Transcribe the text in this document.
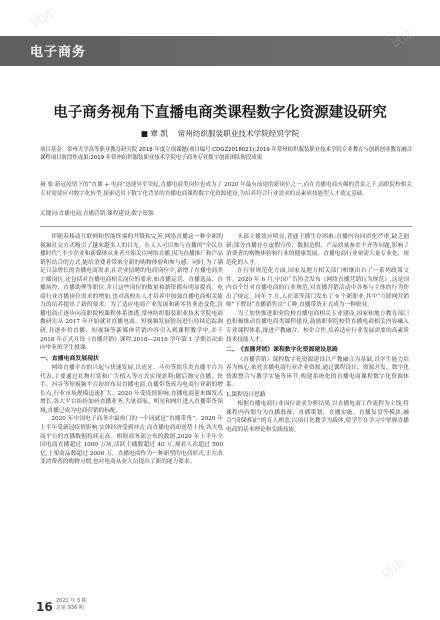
电子商务
电子商务视角下直播电商类课程数字化资源建设研究
■ 覃 凯 常州纺织服装职业技术学院经贸学院
项目基金：常州大学高等职业教育研究院 2018 年度立项课题(项目编号:CDGZ2018021);2019 年常州纺织服装职业技术学院专业教育与创新创业教育融合课程项目阶段性成果;2019 年常州纺织服装职业技术学院电子商务专业数字创新团队阶段成果
摘 要:新冠疫情下的“直播 + 电商”迅速异军突起,直播电商类岗位也成为了 2020 年最有前途的新岗位之一,而在直播电商火爆的背景之下,高职院校相关专业需要应对数字化转型,探索适用于数字化背景的直播电商课程数字化资源建设,为培养符合行业需求的高素质技能型人才奠定基础。
关键词:直播电商;直播营销;课程建设;数字资源

伴随着移动互联网和智能终端的升级和完善,网络直播这一种全新的视频社交方式吸引了越来越多人的目光。在人人可以参与直播的“全民直播时代”,不少企业和新媒体从业者开始关注网络直播,因为直播推广和产品销售结合的方式,能给消费者带来全新的购物体验和参与感。同时,为了满足日益增长的直播电商需求,在企业招聘的电商岗位中,新增了直播电商类主播岗位,还包括对直播电商相关岗位的要求,如直播运营、直播选品、直播场控、直播助理等职位,并且这些岗位的数量和薪资都有明显提高。电商行业直播岗位需求的增加,也对高校在人才培养中加强直播电商相关能力的培养提出了新的要求。为了适应电商产业发展和新零售业态变化,直播电商正逐步向高职院校课程体系渗透,常州纺织服装职业技术学院电商教研室从 2017 年开始就对直播电商、短视频发展情况进行持续追踪调研,并逐步将直播、短视频等新媒体营销内容引入到课程教学中,并于 2018 年正式开设《直播营销》课程,2018—2019 学年第 1 学期首次面向毕业班学生授课。

一、直播电商发展现状

网络直播平台的兴起与快速发展,以虎牙、斗鱼等娱乐类直播平台为代表,主要通过礼物打赏和广告植入等方式实现盈利;随后淘宝直播、快手、抖音等短视频平台纷纷布局直播电商,直播带货成为电商行业新的增长点,行业市场规模迅速扩大。2020 年受疫情影响,直播电商迎来爆发式增长,各大平台纷纷加码直播业务,大量商家、明星和网红进入直播带货领域,直播已成为电商营销的标配。

2020 年中国电子商务中最热门的一个词就是“直播带货”。2020 年上半年受新冠疫情影响,实体经济受到冲击,而直播电商却逆势上扬,各大电商平台的直播数据持续走高。根据商务部公布的数据,2020 年上半年全国电商直播超过 1000 万场,活跃主播数超过 40 万,观看人次超过 500 亿,上架商品数超过 2000 万。直播电商作为一种新型的电商形式,正在改变消费者的购物习惯,也对电商从业人员提出了新的能力要求。

头部主播效应明显,普通主播生存困难;直播内容同质化严重,缺乏创新;部分直播存在虚假宣传、数据造假、产品质量参差不齐等问题,影响了消费者的购物体验和行业的健康发展。直播电商行业亟需大量专业化、规范化的人才。

在行业规范化方面,国家及地方相关部门相继出台了一系列政策文件。2020 年 6 月,中国广告协会发布《网络直播营销行为规范》,这是国内首个针对直播电商的行业规范,对直播营销活动中各参与主体的行为作出了规定。同年 7 月,人社部等部门发布了 9 个新职业,其中“互联网营销师”下增设“直播销售员”工种,直播带货正式成为一种职业。

为了加快推进职业院校直播电商相关专业建设,国家和地方教育部门也积极推动直播电商类课程建设,鼓励职业院校将直播电商相关内容融入专业课程体系,推进产教融合、校企合作,培养适应行业发展需要的高素质技术技能人才。

二、《直播营销》课程数字化资源建设思路

《直播营销》课程数字化资源建设以产教融合为基础,以学生能力培养为核心,依托直播电商行业企业资源,通过课程设计、资源开发、数字化资源整合与教学实施等环节,构建系统化的直播电商课程数字化资源体系。

1.课程设计思路

根据直播电商行业岗位需求分析结果,以直播电商工作流程为主线,将课程内容划分为直播准备、直播策划、直播实施、直播复盘等模块,融合“岗课赛证”的育人理念,以项目化教学为载体,使学生在学习中掌握直播电商的基本理论和实践技能。

16 2021 年 3 期
总第 936 期
试读
试读
试读
试读
